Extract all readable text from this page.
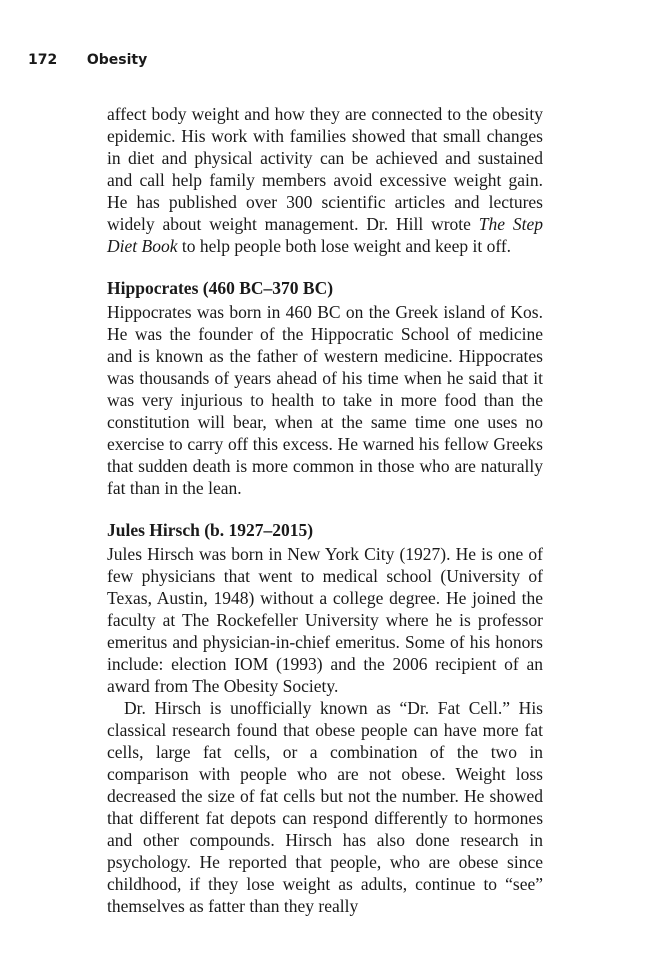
172 Obesity

affect body weight and how they are connected to the obesity epidemic. His work with families showed that small changes in diet and physical activity can be achieved and sustained and call help family members avoid excessive weight gain. He has published over 300 scientific articles and lectures widely about weight management. Dr. Hill wrote The Step Diet Book to help people both lose weight and keep it off.

Hippocrates (460 BC–370 BC)

Hippocrates was born in 460 BC on the Greek island of Kos. He was the founder of the Hippocratic School of medicine and is known as the father of western medicine. Hippocrates was thousands of years ahead of his time when he said that it was very injurious to health to take in more food than the constitution will bear, when at the same time one uses no exercise to carry off this excess. He warned his fellow Greeks that sudden death is more common in those who are naturally fat than in the lean.

Jules Hirsch (b. 1927–2015)

Jules Hirsch was born in New York City (1927). He is one of few physicians that went to medical school (University of Texas, Austin, 1948) without a college degree. He joined the faculty at The Rockefeller University where he is professor emeritus and physician-in-chief emeritus. Some of his honors include: election IOM (1993) and the 2006 recipient of an award from The Obesity Society.

Dr. Hirsch is unofficially known as “Dr. Fat Cell.” His classical research found that obese people can have more fat cells, large fat cells, or a combination of the two in comparison with people who are not obese. Weight loss decreased the size of fat cells but not the number. He showed that different fat depots can respond differently to hormones and other compounds. Hirsch has also done research in psychology. He reported that people, who are obese since childhood, if they lose weight as adults, continue to “see” themselves as fatter than they really
